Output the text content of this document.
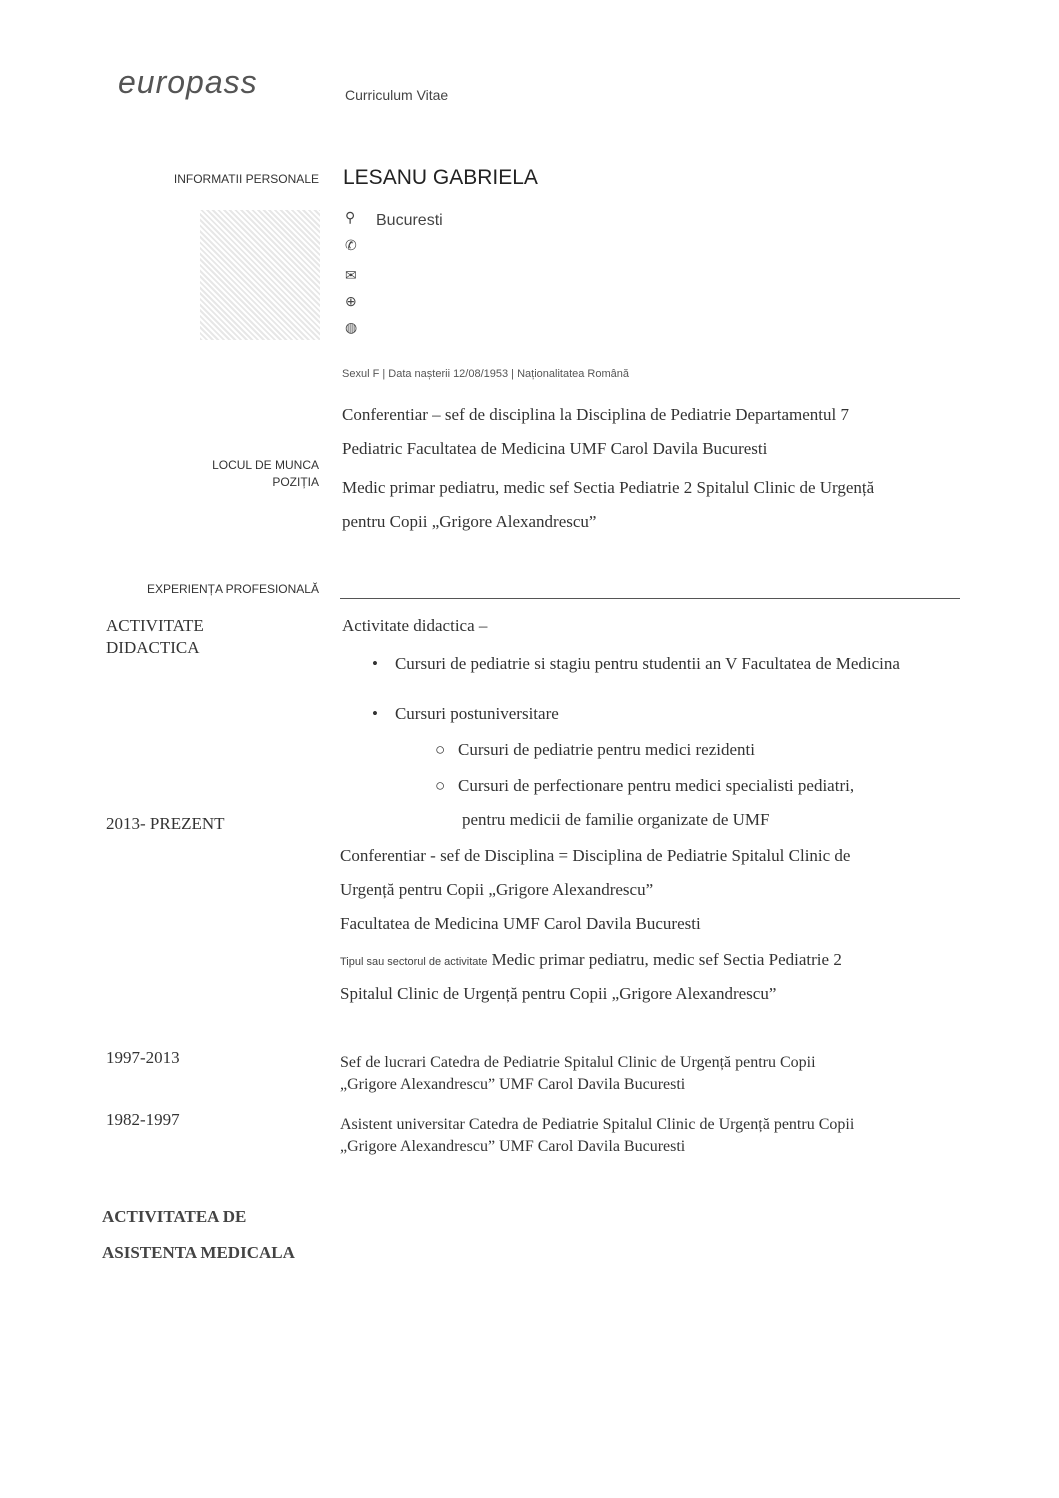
europass	Curriculum Vitae
INFORMATII PERSONALE LESANU GABRIELA
⚲ Bucuresti
✆
✉
⊕
◍
Sexul F | Data nașterii 12/08/1953 | Naționalitatea Română
LOCUL DE MUNCA
POZIȚIA
Conferentiar – sef de disciplina la Disciplina de Pediatrie Departamentul 7
Pediatric Facultatea de Medicina UMF Carol Davila Bucuresti
Medic primar pediatru, medic sef Sectia Pediatrie 2 Spitalul Clinic de Urgență
pentru Copii „Grigore Alexandrescu”
EXPERIENȚA PROFESIONALĂ
ACTIVITATE
DIDACTICA
Activitate didactica –
•    Cursuri de pediatrie si stagiu pentru studentii an V Facultatea de Medicina
•    Cursuri postuniversitare
○   Cursuri de pediatrie pentru medici rezidenti
○   Cursuri de perfectionare pentru medici specialisti pediatri,
pentru medicii de familie organizate de UMF
2013- PREZENT
Conferentiar - sef de Disciplina = Disciplina de Pediatrie Spitalul Clinic de
Urgență pentru Copii „Grigore Alexandrescu”
Facultatea de Medicina UMF Carol Davila Bucuresti
Tipul sau sectorul de activitate Medic primar pediatru, medic sef Sectia Pediatrie 2
Spitalul Clinic de Urgență pentru Copii „Grigore Alexandrescu”
1997-2013	Sef de lucrari Catedra de Pediatrie Spitalul Clinic de Urgență pentru Copii
„Grigore Alexandrescu” UMF Carol Davila Bucuresti
1982-1997	Asistent universitar Catedra de Pediatrie Spitalul Clinic de Urgență pentru Copii
„Grigore Alexandrescu” UMF Carol Davila Bucuresti
ACTIVITATEA DE
ASISTENTA MEDICALA
